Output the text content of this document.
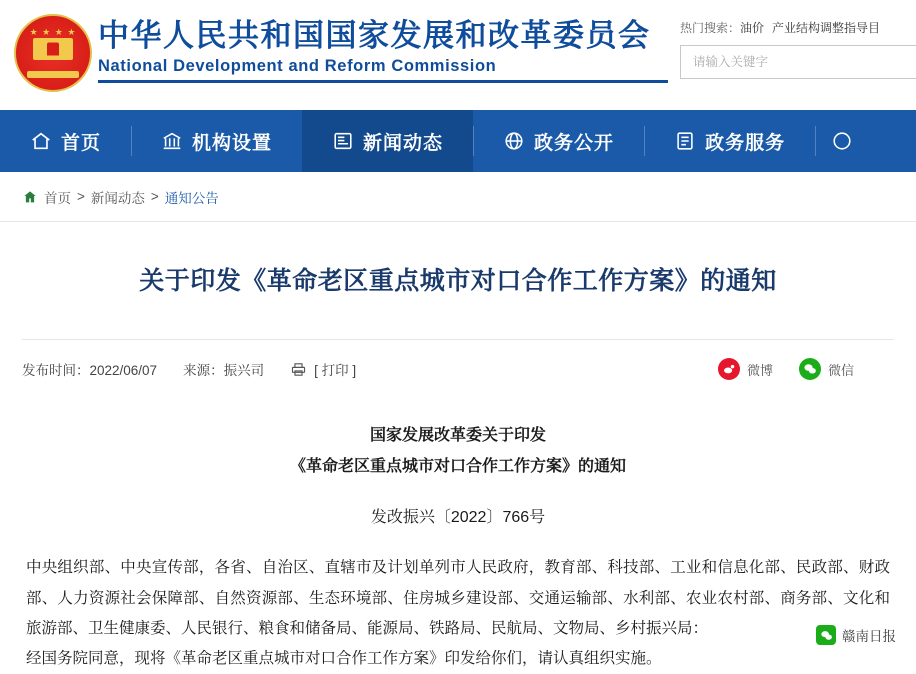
★ ★ ★ ★ 中华人民共和国国家发展和改革委员会
National Development and Reform Commission
热门搜索： 油价 产业结构调整指导目
请输入关键字
首页	机构设置	新闻动态	政务公开	政务服务
首页 > 新闻动态 > 通知公告
关于印发《革命老区重点城市对口合作工作方案》的通知
发布时间：2022/06/07 来源：振兴司	[ 打印 ]	微博	微信
国家发展改革委关于印发
《革命老区重点城市对口合作工作方案》的通知
发改振兴〔2022〕766号

中央组织部、中央宣传部，各省、自治区、直辖市及计划单列市人民政府，教育部、科技部、工业和信息化部、民政部、财政部、人力资源社会保障部、自然资源部、生态环境部、住房城乡建设部、交通运输部、水利部、农业农村部、商务部、文化和旅游部、卫生健康委、人民银行、粮食和储备局、能源局、铁路局、民航局、文物局、乡村振兴局：

经国务院同意，现将《革命老区重点城市对口合作工作方案》印发给你们，请认真组织实施。

赣南日报
